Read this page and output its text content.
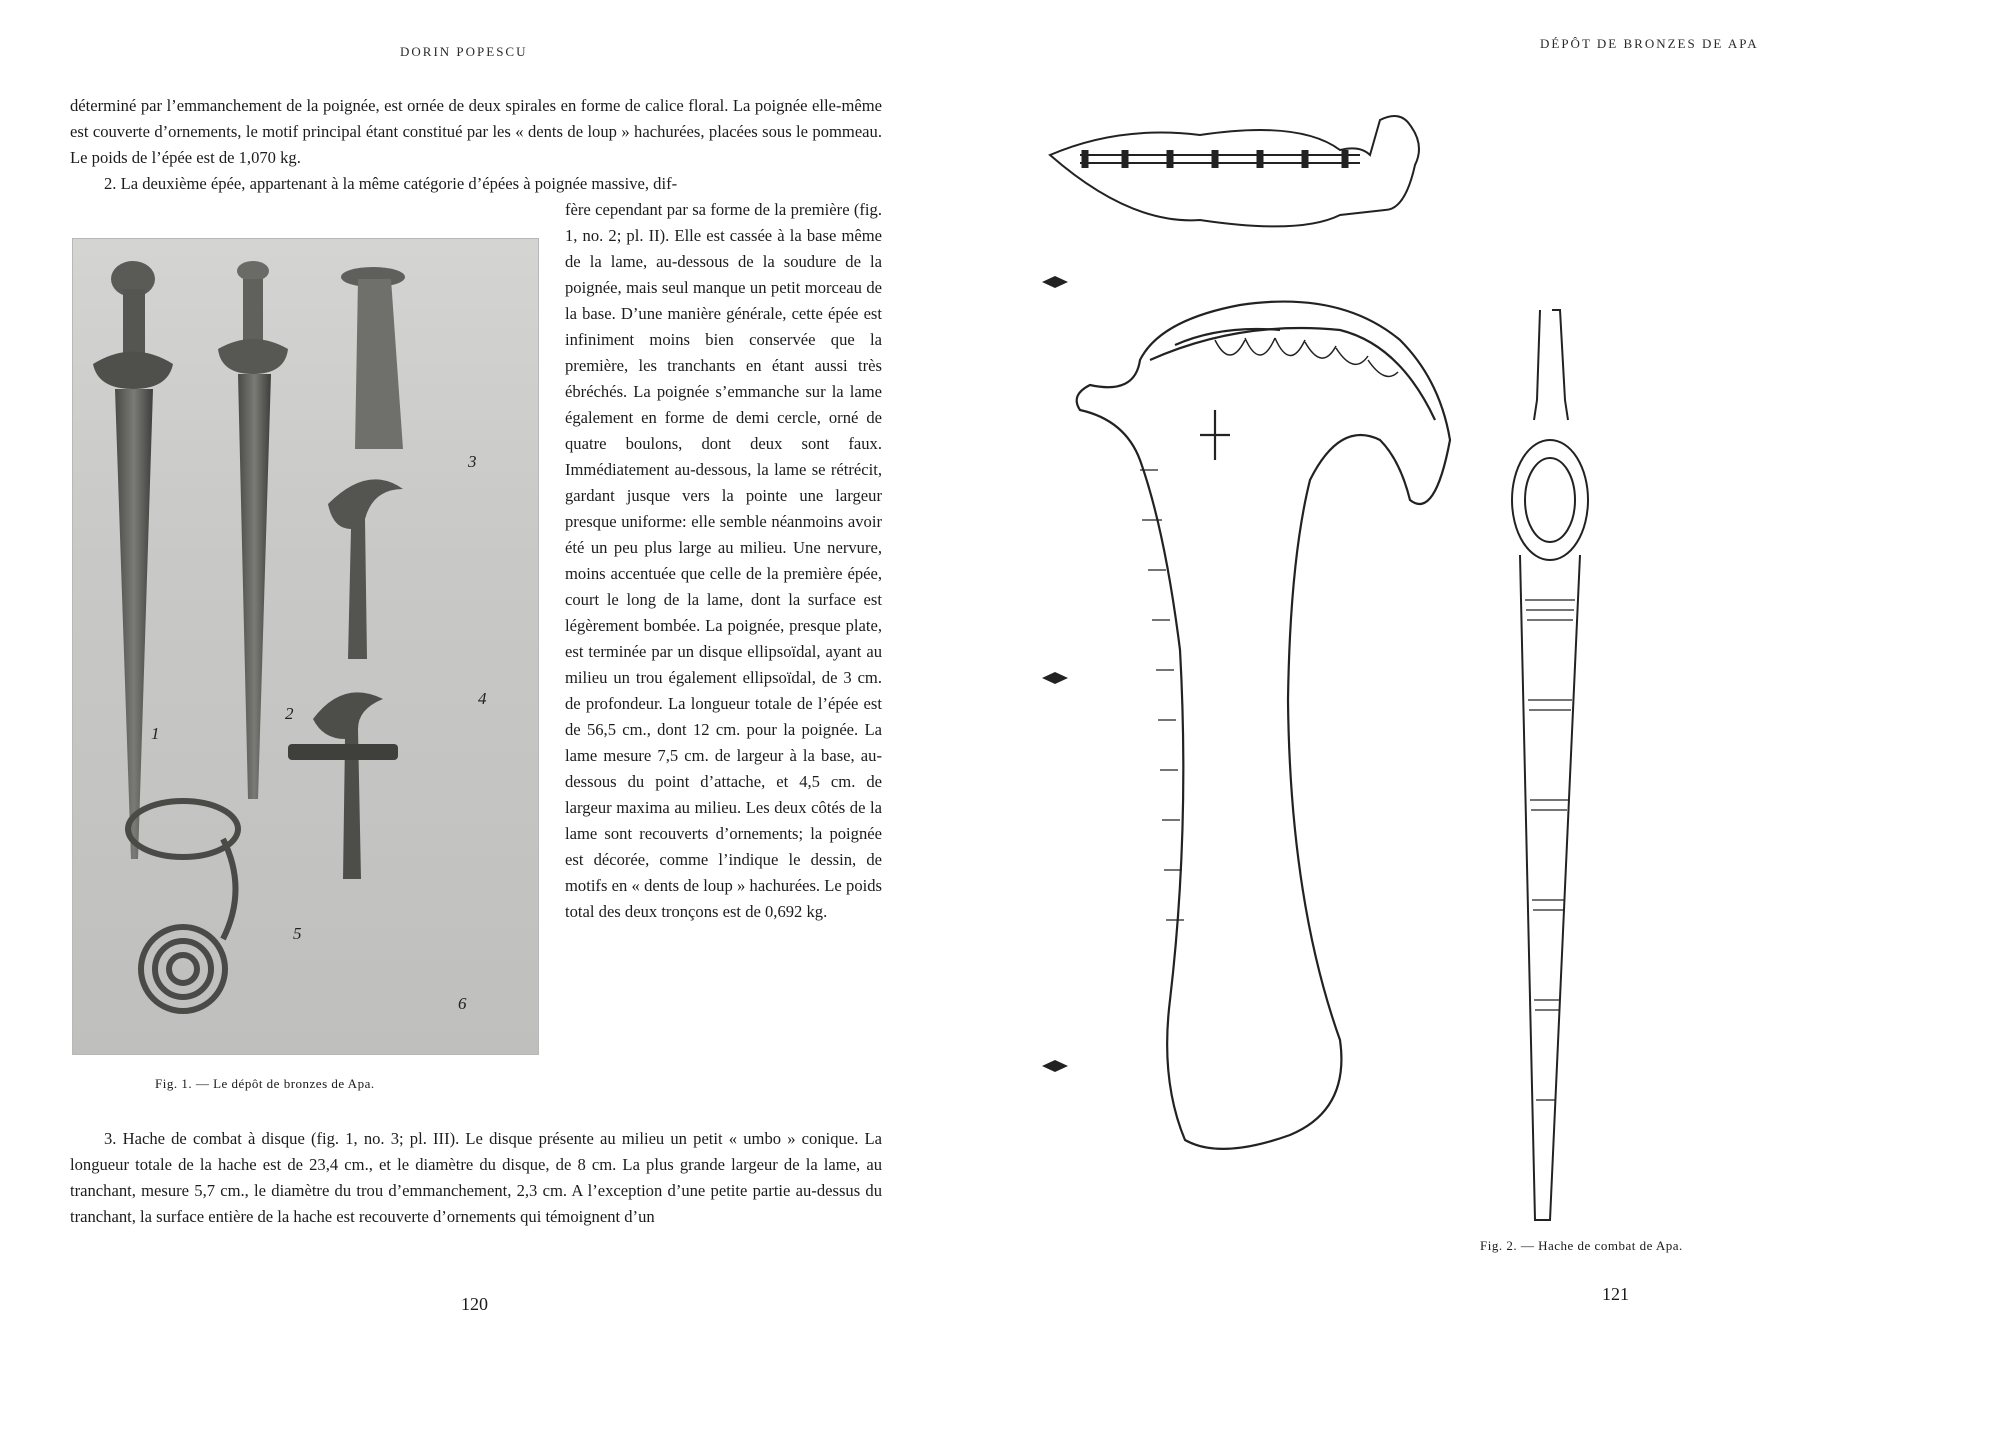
DORIN POPESCU

déterminé par l’emmanchement de la poignée, est ornée de deux spirales en forme de calice floral. La poignée elle-même est couverte d’ornements, le motif principal étant constitué par les « dents de loup » hachurées, placées sous le pommeau. Le poids de l’épée est de 1,070 kg.

2. La deuxième épée, appartenant à la même catégorie d’épées à poignée massive, dif-

fère cependant par sa forme de la première (fig. 1, no. 2; pl. II). Elle est cassée à la base même de la lame, au-dessous de la soudure de la poignée, mais seul manque un petit morceau de la base. D’une manière générale, cette épée est infiniment moins bien conservée que la première, les tranchants en étant aussi très ébréchés. La poignée s’emmanche sur la lame également en forme de demi cercle, orné de quatre boulons, dont deux sont faux. Immédiatement au-dessous, la lame se rétrécit, gardant jusque vers la pointe une largeur presque uniforme: elle semble néanmoins avoir été un peu plus large au milieu. Une nervure, moins accentuée que celle de la première épée, court le long de la lame, dont la surface est légèrement bombée. La poignée, presque plate, est terminée par un disque ellipsoïdal, ayant au milieu un trou également ellipsoïdal, de 3 cm. de profondeur. La longueur totale de l’épée est de 56,5 cm., dont 12 cm. pour la poignée. La lame mesure 7,5 cm. de largeur à la base, au-dessous du point d’attache, et 4,5 cm. de largeur maxima au milieu. Les deux côtés de la lame sont recouverts d’ornements; la poignée est décorée, comme l’indique le dessin, de motifs en « dents de loup » hachurées. Le poids total des deux tronçons est de 0,692 kg.

1
2
3
4
5
6
Fig. 1. — Le dépôt de bronzes de Apa.

3. Hache de combat à disque (fig. 1, no. 3; pl. III). Le disque présente au milieu un petit « umbo » conique. La longueur totale de la hache est de 23,4 cm., et le diamètre du disque, de 8 cm. La plus grande largeur de la lame, au tranchant, mesure 5,7 cm., le diamètre du trou d’emmanchement, 2,3 cm. A l’exception d’une petite partie au-dessus du tranchant, la surface entière de la hache est recouverte d’ornements qui témoignent d’un

120
DÉPÔT DE BRONZES DE APA
Fig. 2. — Hache de combat de Apa.
121
